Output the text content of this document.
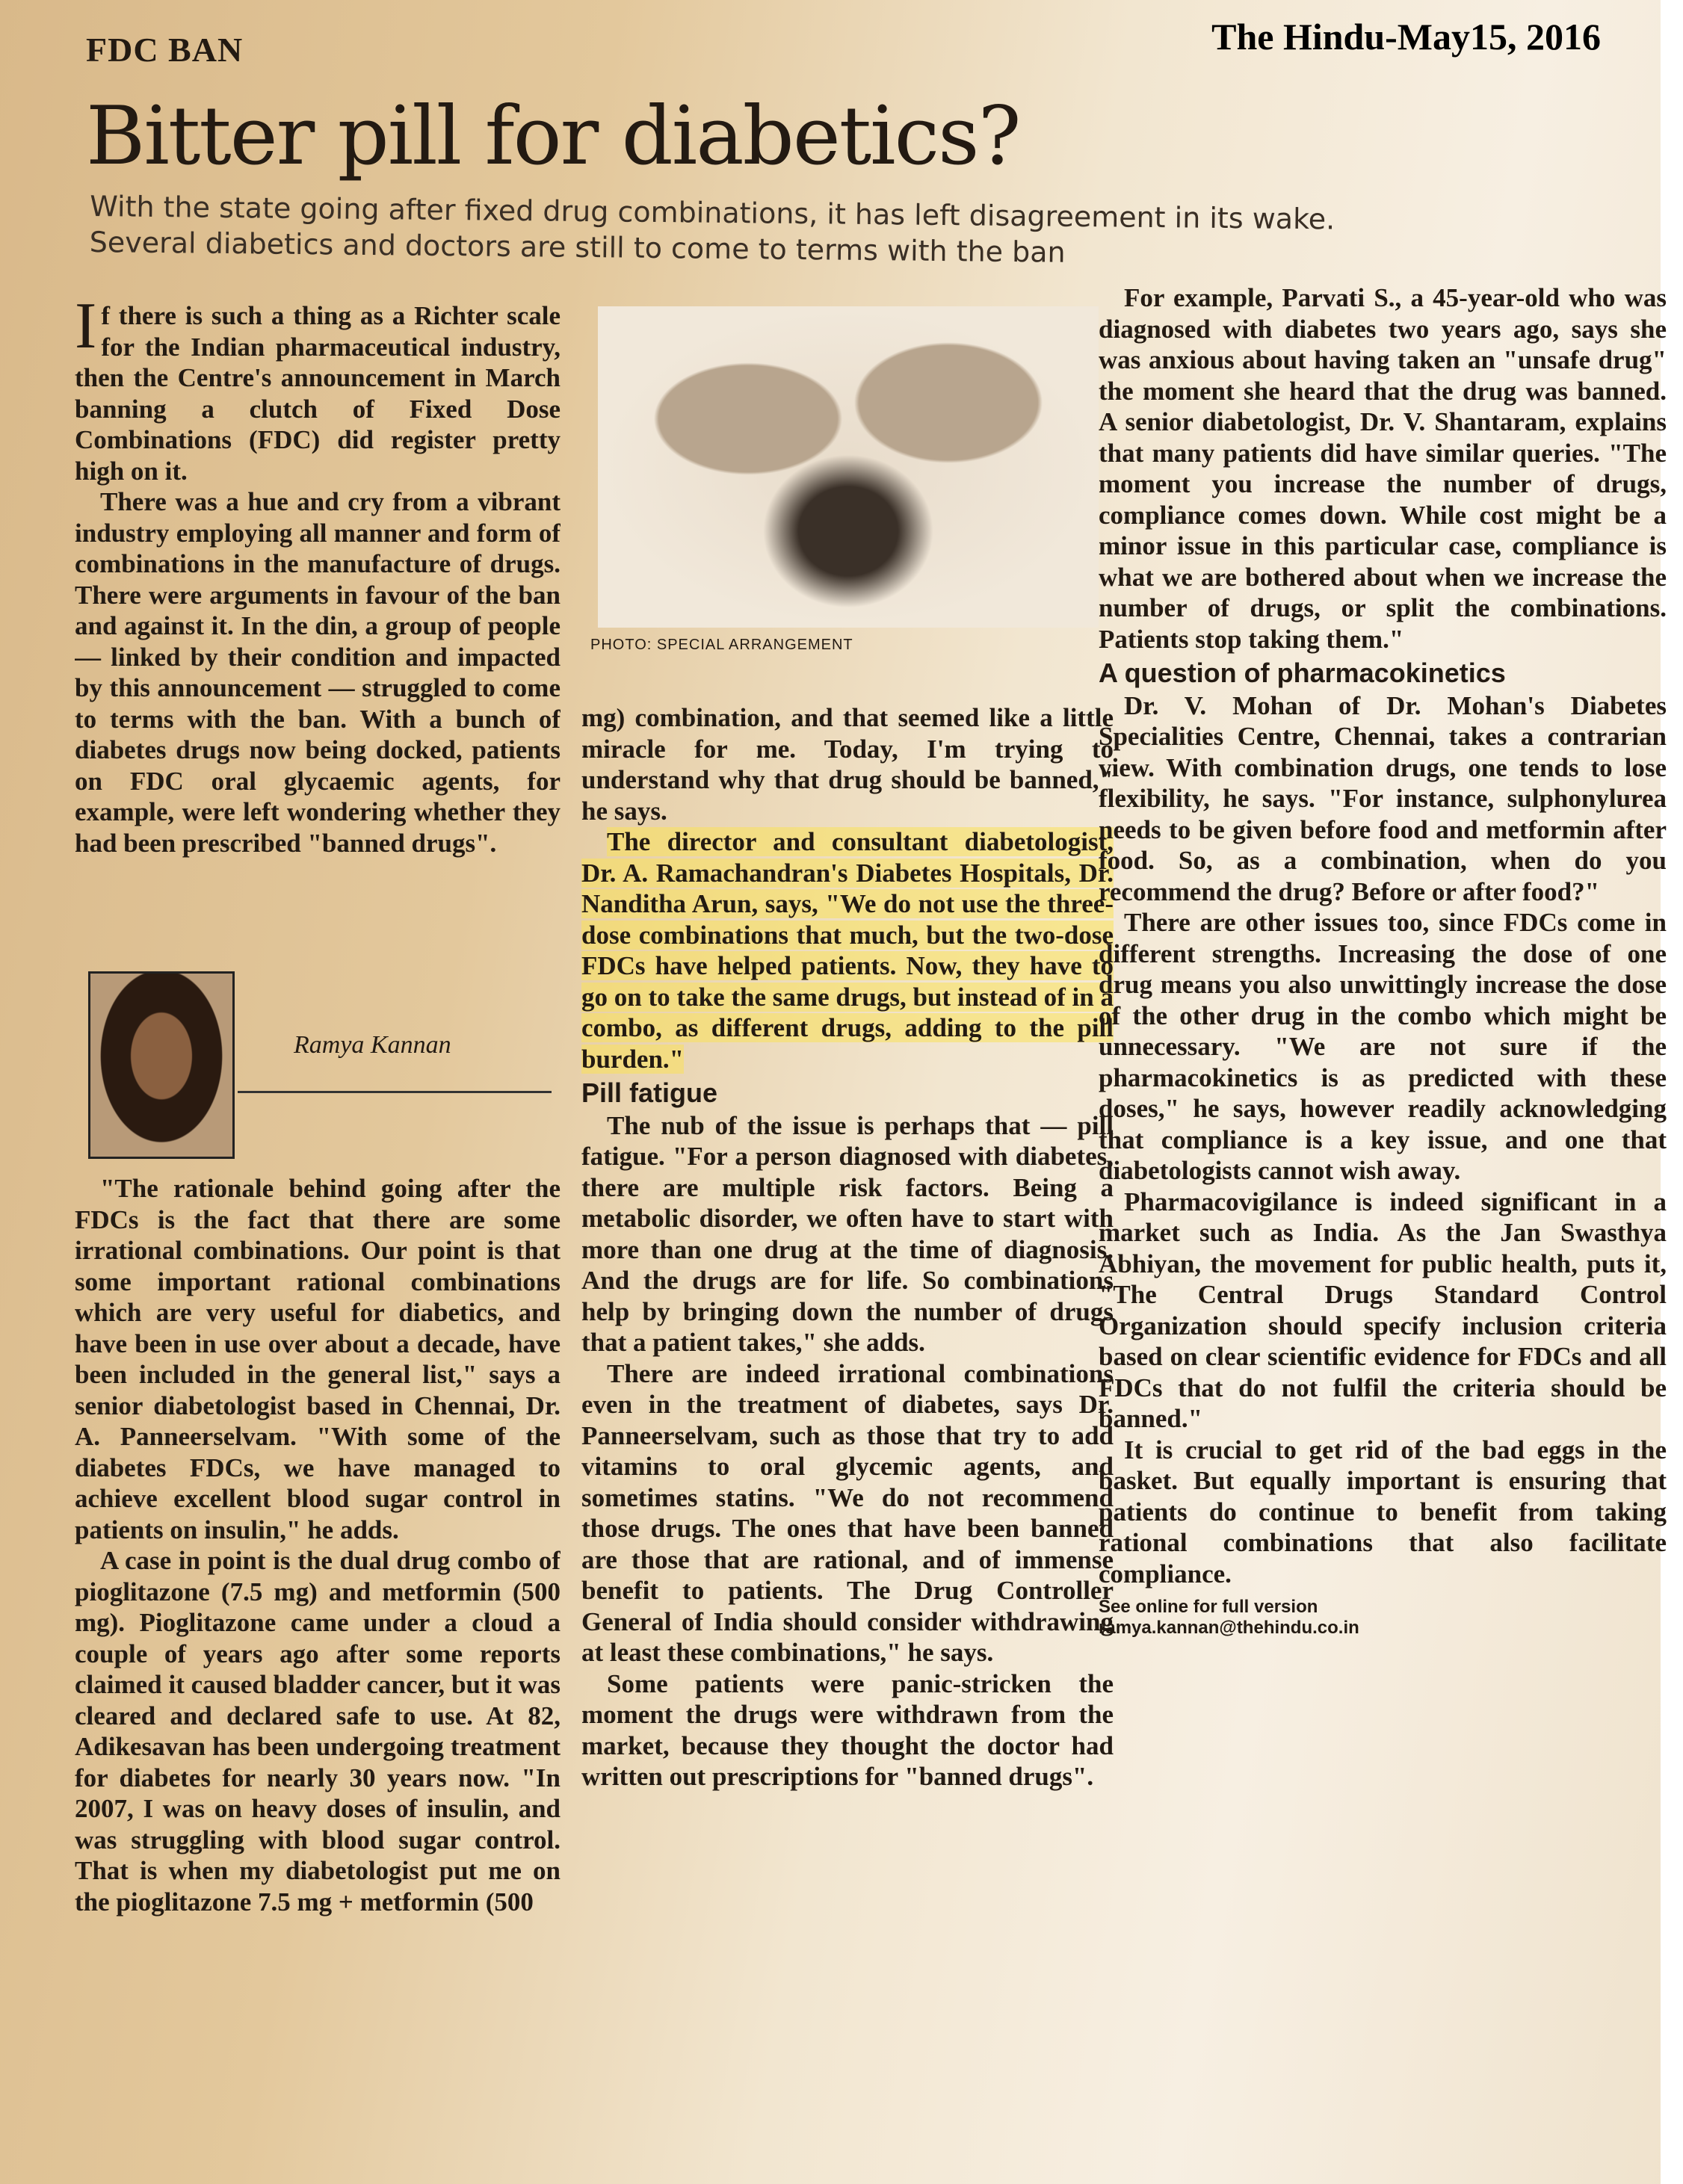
The Hindu-May15, 2016
FDC BAN
Bitter pill for diabetics?
With the state going after fixed drug combinations, it has left disagreement in its wake.
Several diabetics and doctors are still to come to terms with the ban

If there is such a thing as a Richter scale for the Indian pharmaceutical industry, then the Centre's announcement in March banning a clutch of Fixed Dose Combinations (FDC) did register pretty high on it.

There was a hue and cry from a vibrant industry employing all manner and form of combinations in the manufacture of drugs. There were arguments in favour of the ban and against it. In the din, a group of people — linked by their condition and impacted by this announcement — struggled to come to terms with the ban. With a bunch of diabetes drugs now being docked, patients on FDC oral glycaemic agents, for example, were left wondering whether they had been prescribed "banned drugs".

Ramya Kannan

"The rationale behind going after the FDCs is the fact that there are some irrational combinations. Our point is that some important rational combinations which are very useful for diabetics, and have been in use over about a decade, have been included in the general list," says a senior diabetologist based in Chennai, Dr. A. Panneerselvam. "With some of the diabetes FDCs, we have managed to achieve excellent blood sugar control in patients on insulin," he adds.

A case in point is the dual drug combo of pioglitazone (7.5 mg) and metformin (500 mg). Pioglitazone came under a cloud a couple of years ago after some reports claimed it caused bladder cancer, but it was cleared and declared safe to use. At 82, Adikesavan has been undergoing treatment for diabetes for nearly 30 years now. "In 2007, I was on heavy doses of insulin, and was struggling with blood sugar control. That is when my diabetologist put me on the pioglitazone 7.5 mg + metformin (500

PHOTO: SPECIAL ARRANGEMENT

mg) combination, and that seemed like a little miracle for me. Today, I'm trying to understand why that drug should be banned," he says.

The director and consultant diabetologist, Dr. A. Ramachandran's Diabetes Hospitals, Dr. Nanditha Arun, says, "We do not use the three-dose combinations that much, but the two-dose FDCs have helped patients. Now, they have to go on to take the same drugs, but instead of in a combo, as different drugs, adding to the pill burden."

Pill fatigue

The nub of the issue is perhaps that — pill fatigue. "For a person diagnosed with diabetes, there are multiple risk factors. Being a metabolic disorder, we often have to start with more than one drug at the time of diagnosis. And the drugs are for life. So combinations help by bringing down the number of drugs that a patient takes," she adds.

There are indeed irrational combinations even in the treatment of diabetes, says Dr. Panneerselvam, such as those that try to add vitamins to oral glycemic agents, and sometimes statins. "We do not recommend those drugs. The ones that have been banned are those that are rational, and of immense benefit to patients. The Drug Controller General of India should consider withdrawing at least these combinations," he says.

Some patients were panic-stricken the moment the drugs were withdrawn from the market, because they thought the doctor had written out prescriptions for "banned drugs".

For example, Parvati S., a 45-year-old who was diagnosed with diabetes two years ago, says she was anxious about having taken an "unsafe drug" the moment she heard that the drug was banned. A senior diabetologist, Dr. V. Shantaram, explains that many patients did have similar queries. "The moment you increase the number of drugs, compliance comes down. While cost might be a minor issue in this particular case, compliance is what we are bothered about when we increase the number of drugs, or split the combinations. Patients stop taking them."

A question of pharmacokinetics

Dr. V. Mohan of Dr. Mohan's Diabetes Specialities Centre, Chennai, takes a contrarian view. With combination drugs, one tends to lose flexibility, he says. "For instance, sulphonylurea needs to be given before food and metformin after food. So, as a combination, when do you recommend the drug? Before or after food?"

There are other issues too, since FDCs come in different strengths. Increasing the dose of one drug means you also unwittingly increase the dose of the other drug in the combo which might be unnecessary. "We are not sure if the pharmacokinetics is as predicted with these doses," he says, however readily acknowledging that compliance is a key issue, and one that diabetologists cannot wish away.

Pharmacovigilance is indeed significant in a market such as India. As the Jan Swasthya Abhiyan, the movement for public health, puts it, "The Central Drugs Standard Control Organization should specify inclusion criteria based on clear scientific evidence for FDCs and all FDCs that do not fulfil the criteria should be banned."

It is crucial to get rid of the bad eggs in the basket. But equally important is ensuring that patients do continue to benefit from taking rational combinations that also facilitate compliance.

See online for full version
ramya.kannan@thehindu.co.in
